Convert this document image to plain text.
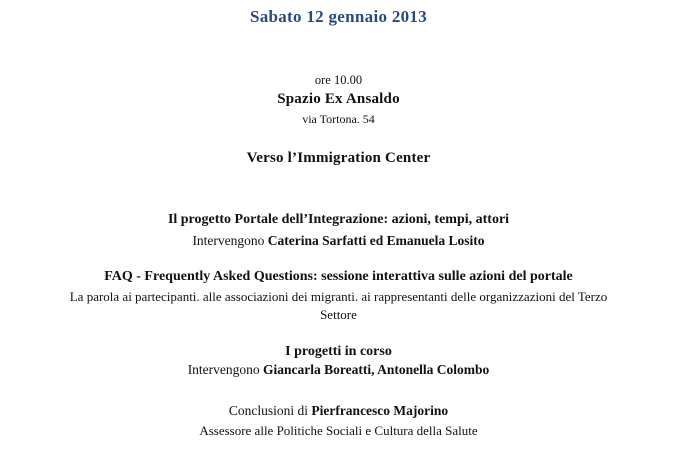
Sabato 12 gennaio 2013
ore 10.00
Spazio Ex Ansaldo
via Tortona. 54
Verso l’Immigration Center
Il progetto Portale dell’Integrazione: azioni, tempi, attori
Intervengono Caterina Sarfatti ed Emanuela Losito
FAQ - Frequently Asked Questions: sessione interattiva sulle azioni del portale
La parola ai partecipanti. alle associazioni dei migranti. ai rappresentanti delle organizzazioni del Terzo
Settore
I progetti in corso
Intervengono Giancarla Boreatti, Antonella Colombo
Conclusioni di Pierfrancesco Majorino
Assessore alle Politiche Sociali e Cultura della Salute
